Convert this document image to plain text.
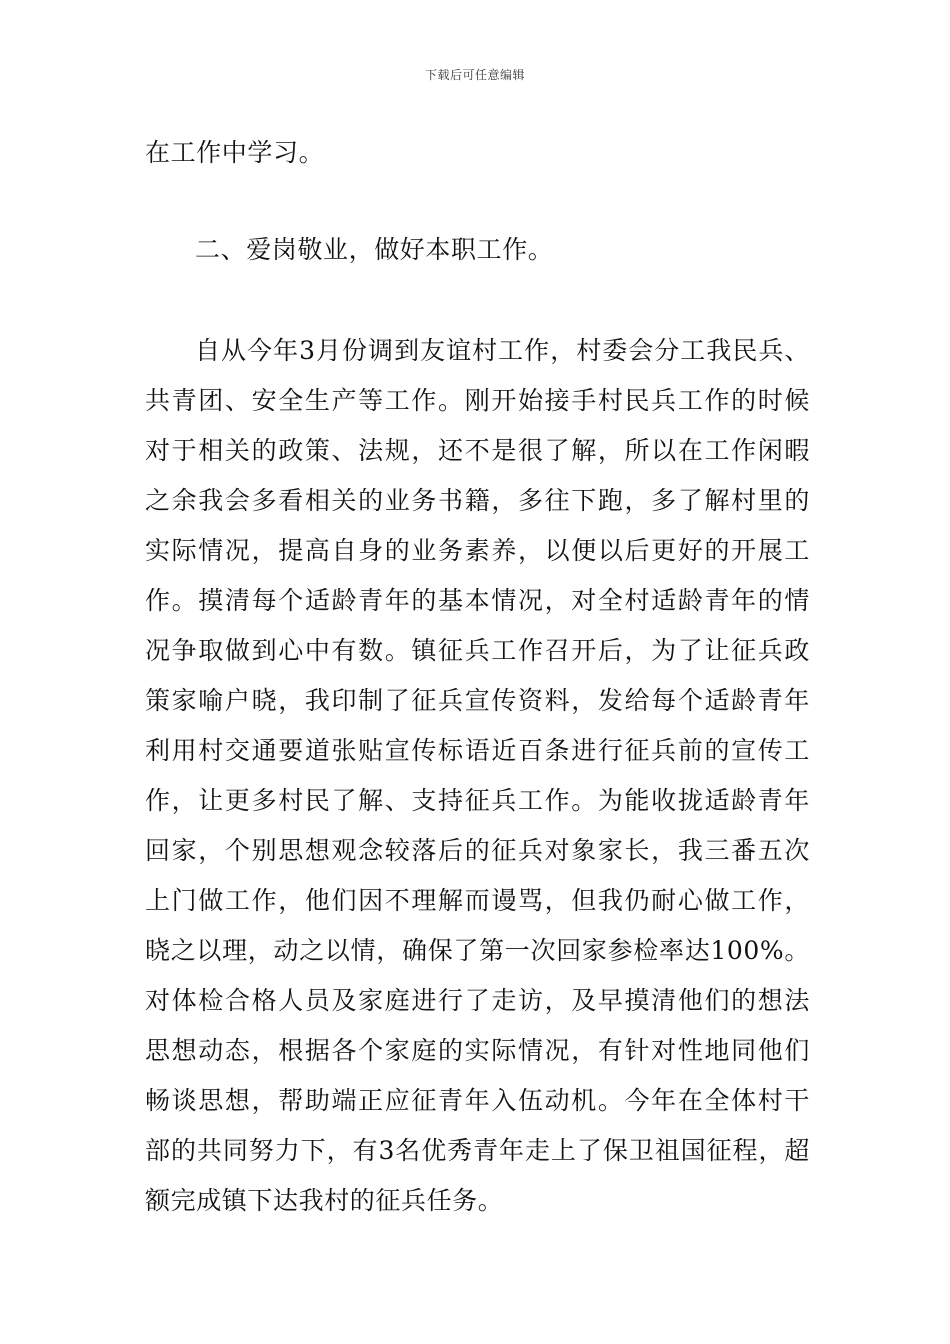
下载后可任意编辑
在工作中学习。
二、爱岗敬业，做好本职工作。
自从今年3月份调到友谊村工作，村委会分工我民兵、共青团、安全生产等工作。刚开始接手村民兵工作的时候对于相关的政策、法规，还不是很了解，所以在工作闲暇之余我会多看相关的业务书籍，多往下跑，多了解村里的实际情况，提高自身的业务素养，以便以后更好的开展工作。摸清每个适龄青年的基本情况，对全村适龄青年的情况争取做到心中有数。镇征兵工作召开后，为了让征兵政策家喻户晓，我印制了征兵宣传资料，发给每个适龄青年利用村交通要道张贴宣传标语近百条进行征兵前的宣传工作，让更多村民了解、支持征兵工作。为能收拢适龄青年回家，个别思想观念较落后的征兵对象家长，我三番五次上门做工作，他们因不理解而谩骂，但我仍耐心做工作，晓之以理，动之以情，确保了第一次回家参检率达100%。对体检合格人员及家庭进行了走访，及早摸清他们的想法思想动态，根据各个家庭的实际情况，有针对性地同他们畅谈思想，帮助端正应征青年入伍动机。今年在全体村干部的共同努力下，有3名优秀青年走上了保卫祖国征程，超额完成镇下达我村的征兵任务。
